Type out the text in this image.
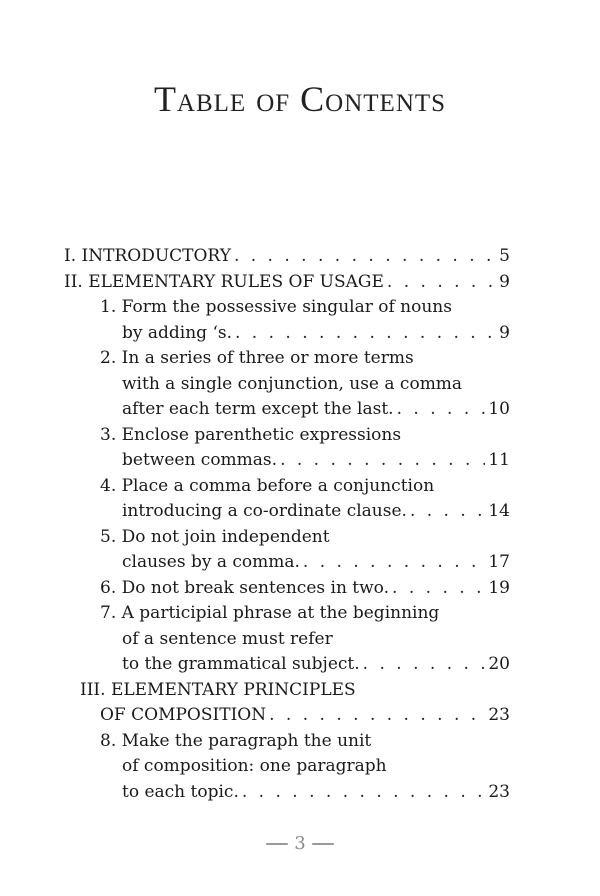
Table of Contents
I. INTRODUCTORY . . .	5
II. ELEMENTARY RULES OF USAGE . . .	9
1. Form the possessive singular of nouns
by adding ‘s. . . .	9
2. In a series of three or more terms
with a single conjunction, use a comma
after each term except the last. . . .	10
3. Enclose parenthetic expressions
between commas. . . .	11
4. Place a comma before a conjunction
introducing a co-ordinate clause. . . .	14
5. Do not join independent
clauses by a comma. . . .	17
6. Do not break sentences in two. . . .	19
7. A participial phrase at the beginning
of a sentence must refer
to the grammatical subject. . . .	20
III. ELEMENTARY PRINCIPLES
OF COMPOSITION . . .	23
8. Make the paragraph the unit
of composition: one paragraph
to each topic. . . .	23
3
